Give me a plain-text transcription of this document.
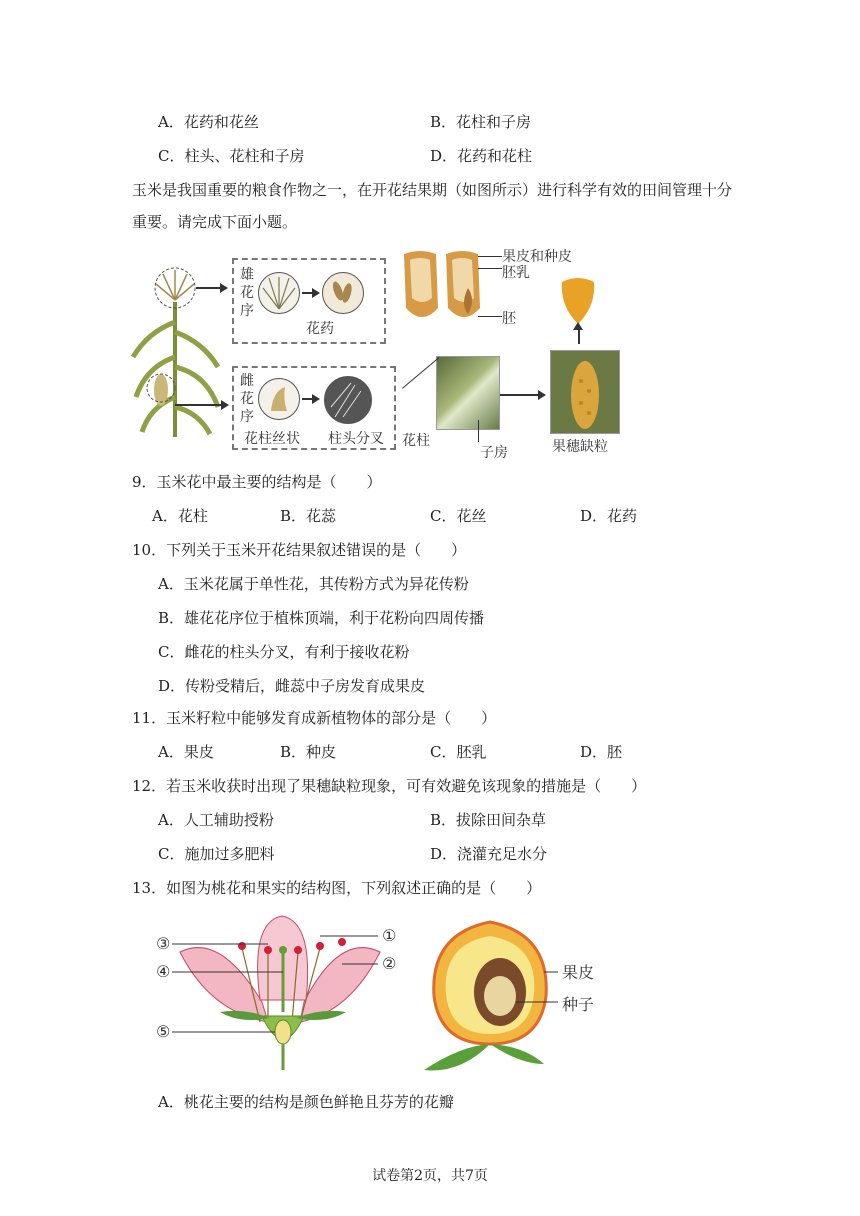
A．花药和花丝	B．花柱和子房
C．柱头、花柱和子房	D．花药和花柱
玉米是我国重要的粮食作物之一，在开花结果期（如图所示）进行科学有效的田间管理十分
重要。请完成下面小题。
雄
花
序
花药
雌
花
序
花柱丝状 柱头分叉
果皮和种皮
胚乳
胚
花柱
子房	果穗缺粒
9．玉米花中最主要的结构是（　　）
A．花柱	B．花蕊	C．花丝	D．花药
10．下列关于玉米开花结果叙述错误的是（　　）
A．玉米花属于单性花，其传粉方式为异花传粉
B．雄花花序位于植株顶端，利于花粉向四周传播
C．雌花的柱头分叉，有利于接收花粉
D．传粉受精后，雌蕊中子房发育成果皮
11．玉米籽粒中能够发育成新植物体的部分是（　　）
A．果皮	B．种皮	C．胚乳	D．胚
12．若玉米收获时出现了果穗缺粒现象，可有效避免该现象的措施是（　　）
A．人工辅助授粉	B．拔除田间杂草
C．施加过多肥料	D．浇灌充足水分
13．如图为桃花和果实的结构图，下列叙述正确的是（　　）
③
④
⑤
①
②	果皮
种子
A．桃花主要的结构是颜色鲜艳且芬芳的花瓣
试卷第2页，共7页
